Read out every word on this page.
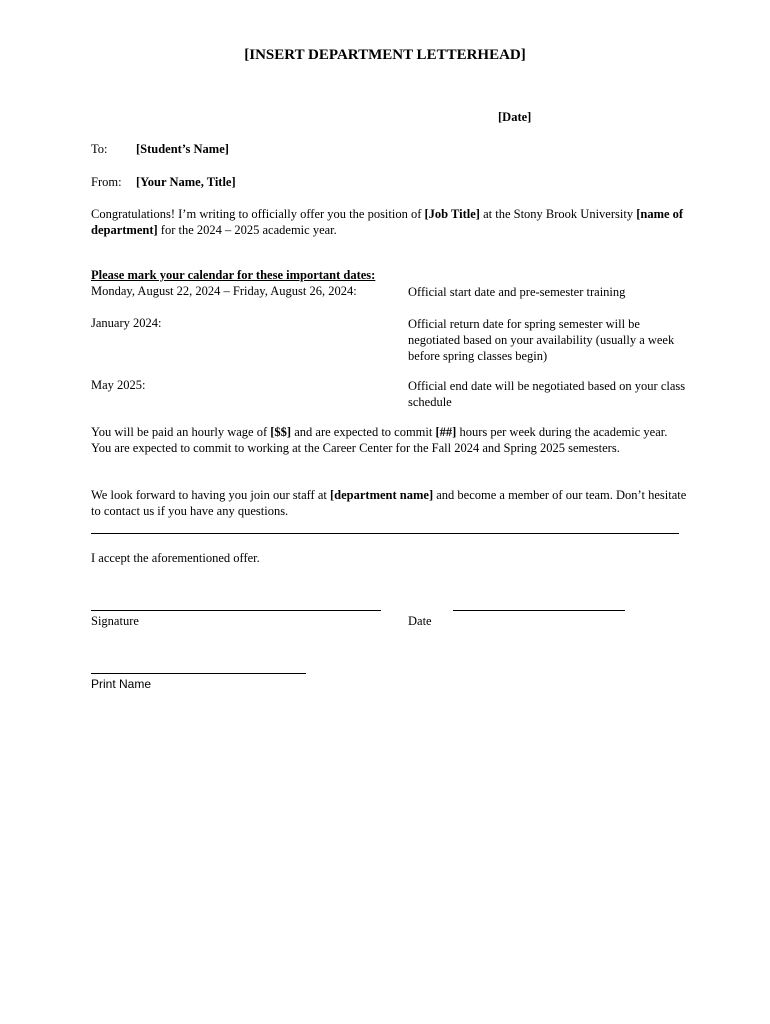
[INSERT DEPARTMENT LETTERHEAD]

[Date]

To: [Student’s Name]

From: [Your Name, Title]

Congratulations! I’m writing to officially offer you the position of [Job Title] at the Stony Brook University [name of department] for the 2024 – 2025 academic year.

Please mark your calendar for these important dates:

Monday, August 22, 2024 – Friday, August 26, 2024:	Official start date and pre-semester training

January 2024:	Official return date for spring semester will be negotiated based on your availability (usually a week before spring classes begin)

May 2025:	Official end date will be negotiated based on your class schedule

You will be paid an hourly wage of [$$] and are expected to commit [##] hours per week during the academic year. You are expected to commit to working at the Career Center for the Fall 2024 and Spring 2025 semesters.

We look forward to having you join our staff at [department name] and become a member of our team. Don’t hesitate to contact us if you have any questions.

I accept the aforementioned offer.

Signature	Date

Print Name
